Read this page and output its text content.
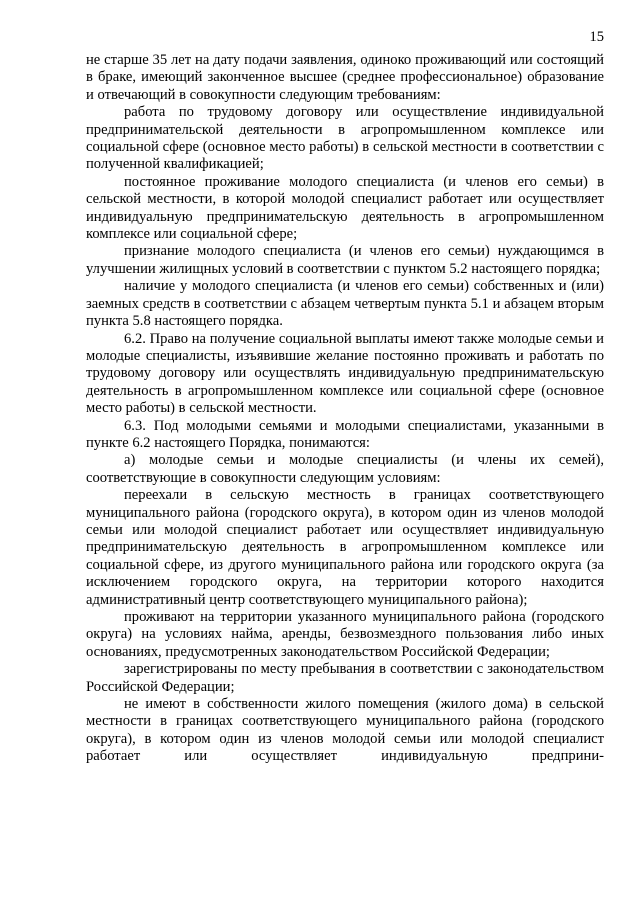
15

не старше 35 лет на дату подачи заявления, одиноко проживающий или состоящий в браке, имеющий законченное высшее (среднее профессиональное) образование и отвечающий в совокупности следующим требованиям:

работа по трудовому договору или осуществление индивидуальной предпринимательской деятельности в агропромышленном комплексе или социальной сфере (основное место работы) в сельской местности в соответствии с полученной квалификацией;

постоянное проживание молодого специалиста (и членов его семьи) в сельской местности, в которой молодой специалист работает или осуществляет индивидуальную предпринимательскую деятельность в агропромышленном комплексе или социальной сфере;

признание молодого специалиста (и членов его семьи) нуждающимся в улучшении жилищных условий в соответствии с пунктом 5.2 настоящего порядка;

наличие у молодого специалиста (и членов его семьи) собственных и (или) заемных средств в соответствии с абзацем четвертым пункта 5.1 и абзацем вторым пункта 5.8 настоящего порядка.

6.2. Право на получение социальной выплаты имеют также молодые семьи и молодые специалисты, изъявившие желание постоянно проживать и работать по трудовому договору или осуществлять индивидуальную предпринимательскую деятельность в агропромышленном комплексе или социальной сфере (основное место работы) в сельской местности.

6.3. Под молодыми семьями и молодыми специалистами, указанными в пункте 6.2 настоящего Порядка, понимаются:

а) молодые семьи и молодые специалисты (и члены их семей), соответствующие в совокупности следующим условиям:

переехали в сельскую местность в границах соответствующего муниципального района (городского округа), в котором один из членов молодой семьи или молодой специалист работает или осуществляет индивидуальную предпринимательскую деятельность в агропромышленном комплексе или социальной сфере, из другого муниципального района или городского округа (за исключением городского округа, на территории которого находится административный центр соответствующего муниципального района);

проживают на территории указанного муниципального района (городского округа) на условиях найма, аренды, безвозмездного пользования либо иных основаниях, предусмотренных законодательством Российской Федерации;

зарегистрированы по месту пребывания в соответствии с законодательством Российской Федерации;

не имеют в собственности жилого помещения (жилого дома) в сельской местности в границах соответствующего муниципального района (городского округа), в котором один из членов молодой семьи или молодой специалист работает или осуществляет индивидуальную предприни-
